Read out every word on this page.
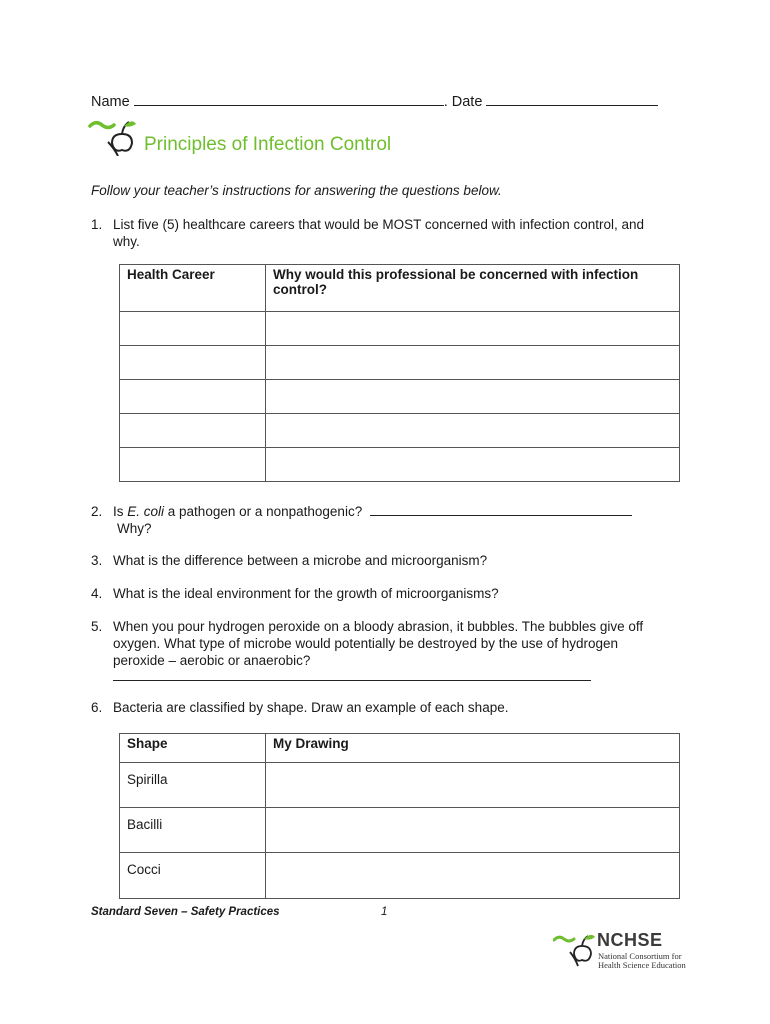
Name	. Date
Principles of Infection Control
Follow your teacher’s instructions for answering the questions below.
1. List five (5) healthcare careers that would be MOST concerned with infection control, and why.
Health Career	Why would this professional be concerned with infection control?

2. Is E. coli a pathogen or a nonpathogenic?
Why?
3. What is the difference between a microbe and microorganism?
4. What is the ideal environment for the growth of microorganisms?
5. When you pour hydrogen peroxide on a bloody abrasion, it bubbles. The bubbles give off oxygen. What type of microbe would potentially be destroyed by the use of hydrogen peroxide – aerobic or anaerobic?
6. Bacteria are classified by shape. Draw an example of each shape.
Shape	My Drawing
Spirilla	
Bacilli	
Cocci	
Standard Seven – Safety Practices	1
NCHSE
National Consortium for
Health Science Education
